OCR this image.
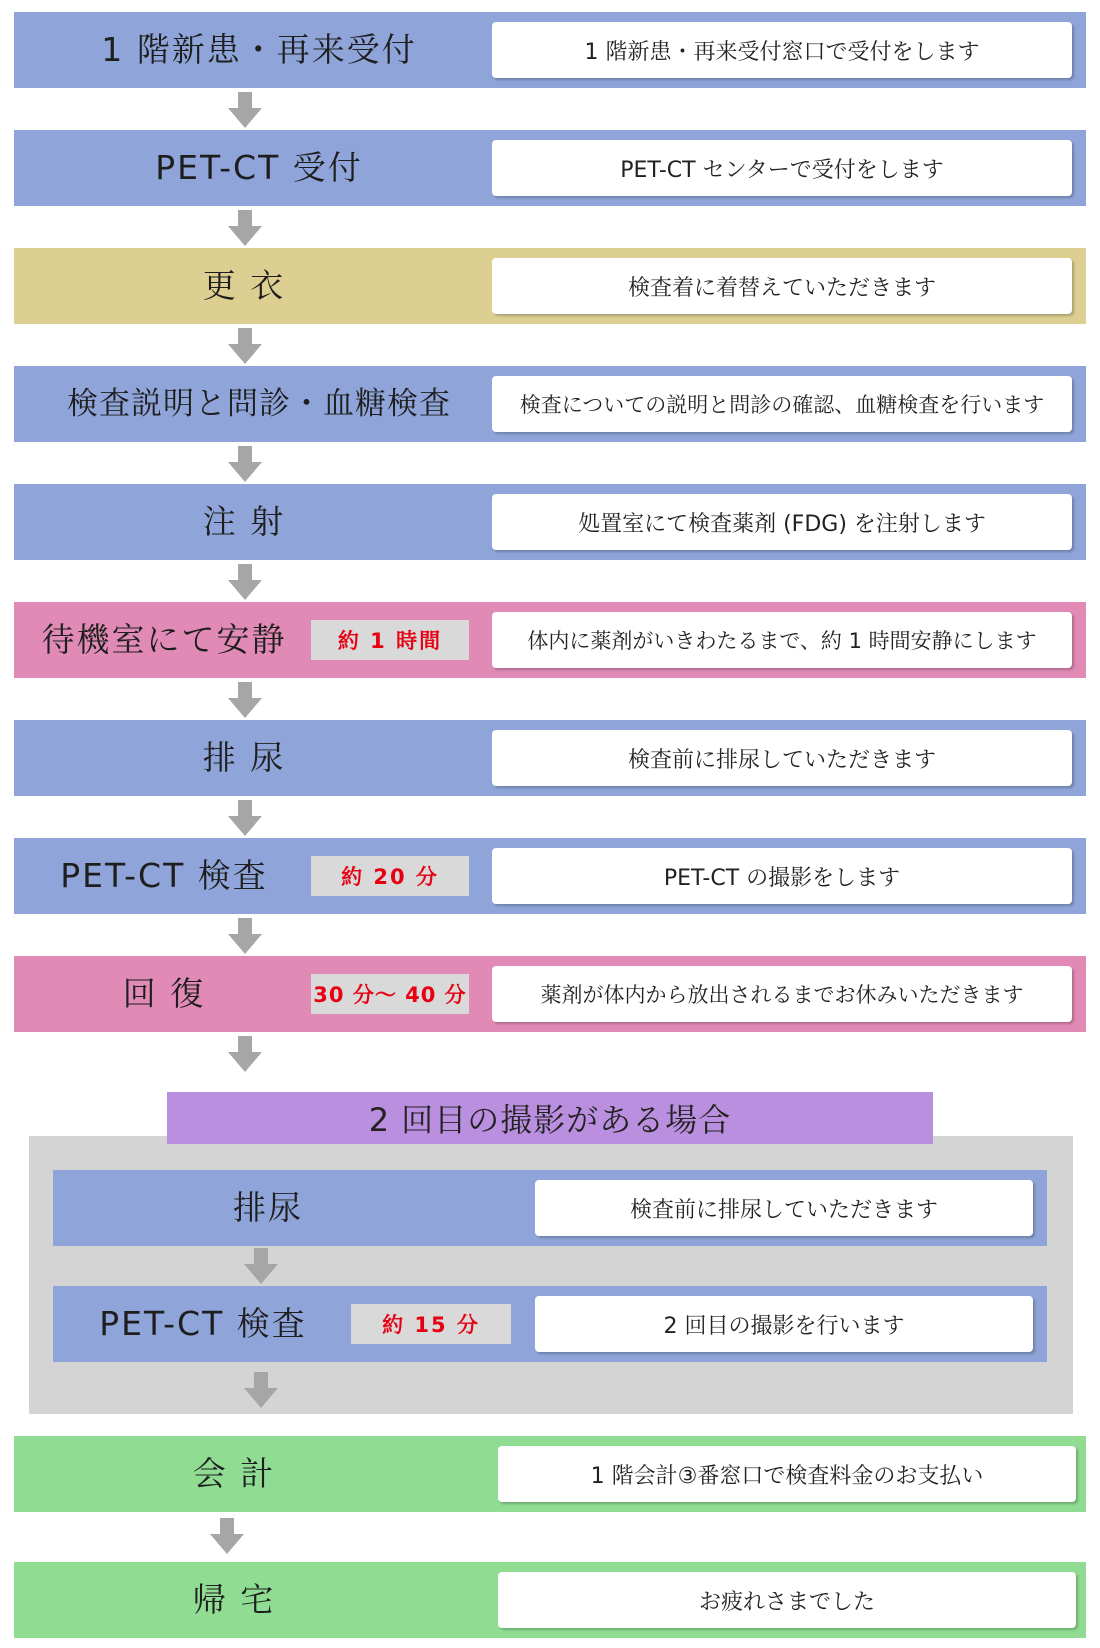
1 階新患・再来受付	1 階新患・再来受付窓口で受付をします
PET-CT 受付	PET-CT センターで受付をします
更 衣	検査着に着替えていただきます
検査説明と問診・血糖検査	検査についての説明と問診の確認、血糖検査を行います
注 射	処置室にて検査薬剤 (FDG) を注射します
待機室にて安静	約 1 時間	体内に薬剤がいきわたるまで、約 1 時間安静にします
排 尿	検査前に排尿していただきます
PET-CT 検査	約 20 分	PET-CT の撮影をします
回 復	30 分〜 40 分	薬剤が体内から放出されるまでお休みいただきます
排尿	検査前に排尿していただきます
PET-CT 検査	約 15 分	2 回目の撮影を行います
2 回目の撮影がある場合
会 計	1 階会計③番窓口で検査料金のお支払い
帰 宅	お疲れさまでした
